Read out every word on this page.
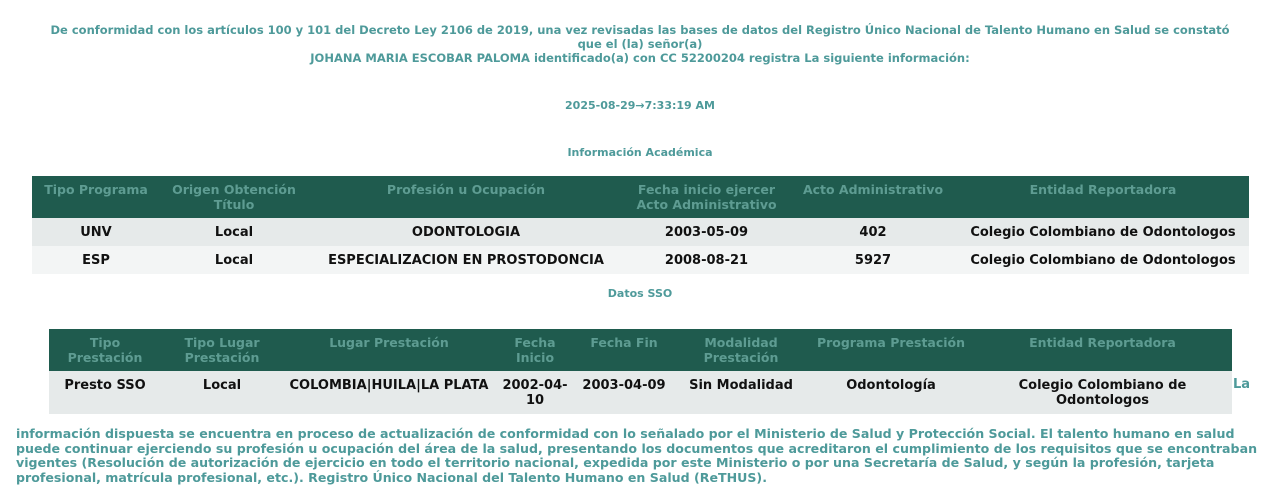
De conformidad con los artículos 100 y 101 del Decreto Ley 2106 de 2019, una vez revisadas las bases de datos del Registro Único Nacional de Talento Humano en Salud se constató que el (la) señor(a)
JOHANA MARIA ESCOBAR PALOMA identificado(a) con CC 52200204 registra La siguiente información:
2025-08-29→7:33:19 AM
Información Académica
Tipo Programa	Origen Obtención Título	Profesión u Ocupación	Fecha inicio ejercer Acto Administrativo	Acto Administrativo	Entidad Reportadora
UNV	Local	ODONTOLOGIA	2003-05-09	402	Colegio Colombiano de Odontologos
ESP	Local	ESPECIALIZACION EN PROSTODONCIA	2008-08-21	5927	Colegio Colombiano de Odontologos
Datos SSO
Tipo Prestación	Tipo Lugar Prestación	Lugar Prestación	Fecha Inicio	Fecha Fin	Modalidad Prestación	Programa Prestación	Entidad Reportadora
Presto SSO	Local	COLOMBIA|HUILA|LA PLATA	2002-04-10	2003-04-09	Sin Modalidad	Odontología	Colegio Colombiano de Odontologos
La
información dispuesta se encuentra en proceso de actualización de conformidad con lo señalado por el Ministerio de Salud y Protección Social. El talento humano en salud puede continuar ejerciendo su profesión u ocupación del área de la salud, presentando los documentos que acreditaron el cumplimiento de los requisitos que se encontraban vigentes (Resolución de autorización de ejercicio en todo el territorio nacional, expedida por este Ministerio o por una Secretaría de Salud, y según la profesión, tarjeta profesional, matrícula profesional, etc.). Registro Único Nacional del Talento Humano en Salud (ReTHUS).
